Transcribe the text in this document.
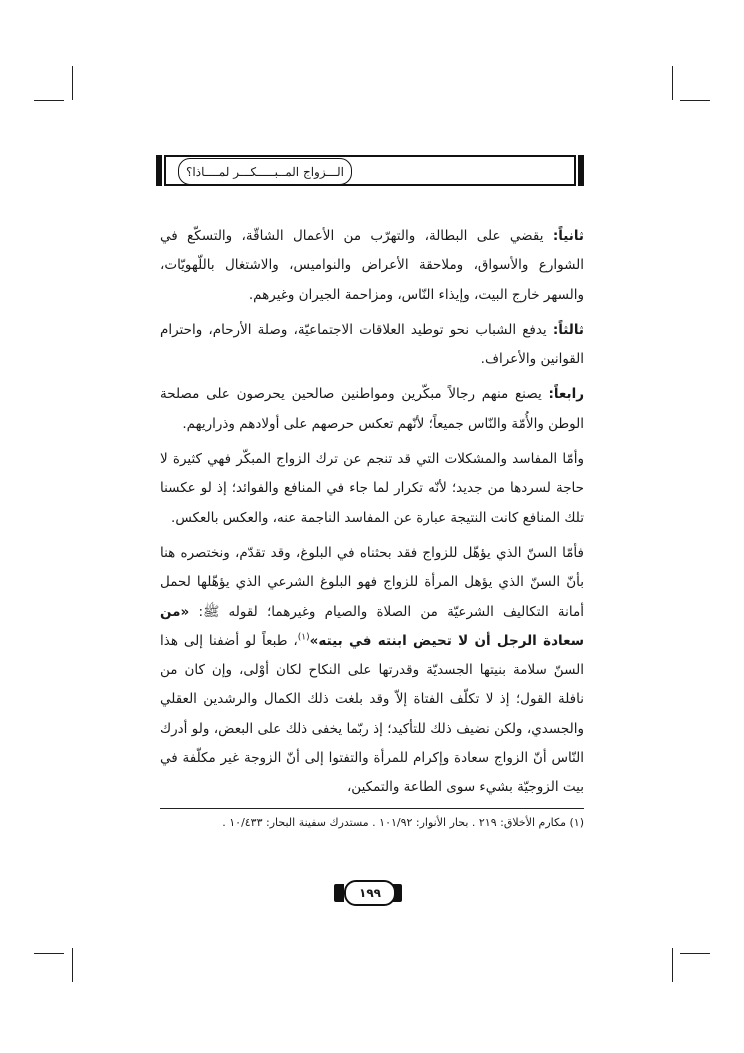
الـــزواج المــبـــــكـــر لمــــاذا؟

ثانياً: يقضي على البطالة، والتهرّب من الأعمال الشاقّة، والتسكّع في الشوارع والأسواق، وملاحقة الأعراض والنواميس، والاشتغال باللّهويّات، والسهر خارج البيت، وإيذاء النّاس، ومزاحمة الجيران وغيرهم.

ثالثاً: يدفع الشباب نحو توطيد العلاقات الاجتماعيّة، وصلة الأرحام، واحترام القوانين والأعراف.

رابعاً: يصنع منهم رجالاً مبكّرين ومواطنين صالحين يحرصون على مصلحة الوطن والأُمّة والنّاس جميعاً؛ لأنّهم تعكس حرصهم على أولادهم وذراريهم.

وأمّا المفاسد والمشكلات التي قد تنجم عن ترك الزواج المبكّر فهي كثيرة لا حاجة لسردها من جديد؛ لأنّه تكرار لما جاء في المنافع والفوائد؛ إذ لو عكسنا تلك المنافع كانت النتيجة عبارة عن المفاسد الناجمة عنه، والعكس بالعكس.

فأمّا السنّ الذي يؤهّل للزواج فقد بحثناه في البلوغ، وقد تقدّم، ونختصره هنا بأنّ السنّ الذي يؤهل المرأة للزواج فهو البلوغ الشرعي الذي يؤهّلها لحمل أمانة التكاليف الشرعيّة من الصلاة والصيام وغيرهما؛ لقوله ﷺ: «من سعادة الرجل أن لا تحيض ابنته في بيته»$^{(١)}$، طبعاً لو أضفنا إلى هذا السنّ سلامة بنيتها الجسديّة وقدرتها على النكاح لكان أوْلى، وإن كان من نافلة القول؛ إذ لا تكلّف الفتاة إلاّ وقد بلغت ذلك الكمال والرشدين العقلي والجسدي، ولكن نضيف ذلك للتأكيد؛ إذ ربّما يخفى ذلك على البعض، ولو أدرك النّاس أنّ الزواج سعادة وإكرام للمرأة والتفتوا إلى أنّ الزوجة غير مكلّفة في بيت الزوجيّة بشيء سوى الطاعة والتمكين،

(١) مكارم الأخلاق: ٢١٩ . بحار الأنوار: ١٠١/٩٢ . مستدرك سفينة البحار: ١٠/٤٣٣ .
١٩٩
